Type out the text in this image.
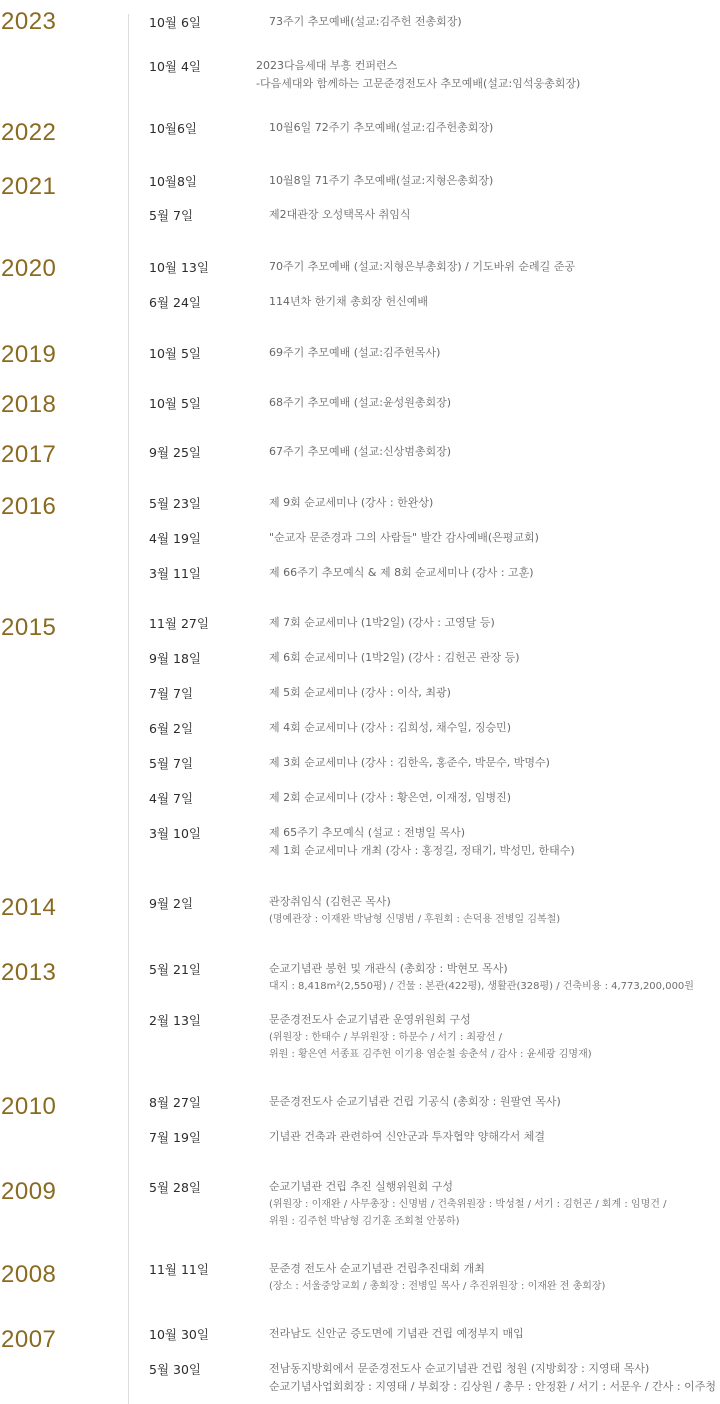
2023	10월 6일	73주기 추모예배(설교:김주헌 전총회장)
10월 4일	2023다음세대 부흥 컨퍼런스
-다음세대와 함께하는 고문준경전도사 추모예배(설교:임석웅총회장)
2022	10월6일	10월6일 72주기 추모예배(설교:김주헌총회장)
2021	10월8일	10월8일 71주기 추모예배(설교:지형은총회장)
5월 7일	제2대관장 오성택목사 취임식
2020	10월 13일	70주기 추모예배 (설교:지형은부총회장) / 기도바위 순례길 준공
6월 24일	114년차 한기채 총회장 헌신예배
2019	10월 5일	69주기 추모예배 (설교:김주헌목사)
2018	10월 5일	68주기 추모예배 (설교:윤성원총회장)
2017	9월 25일	67주기 추모예배 (설교:신상범총회장)
2016	5월 23일	제 9회 순교세미나 (강사 : 한완상)
4월 19일	"순교자 문준경과 그의 사람들" 발간 감사예배(은평교회)
3월 11일	제 66주기 추모예식 & 제 8회 순교세미나 (강사 : 고훈)
2015	11월 27일	제 7회 순교세미나 (1박2일) (강사 : 고영달 등)
9월 18일	제 6회 순교세미나 (1박2일) (강사 : 김헌곤 관장 등)
7월 7일	제 5회 순교세미나 (강사 : 이삭, 최광)
6월 2일	제 4회 순교세미나 (강사 : 김희성, 채수일, 징승민)
5월 7일	제 3회 순교세미나 (강사 : 김한옥, 홍준수, 박문수, 박명수)
4월 7일	제 2회 순교세미나 (강사 : 황은연, 이재정, 임병진)
3월 10일	제 65주기 추모예식 (설교 : 전병일 목사)
제 1회 순교세미나 개최 (강사 : 홍정길, 정태기, 박성민, 한태수)
2014	9월 2일	관장취임식 (김헌곤 목사)
(명예관장 : 이재완 박남형 신명범 / 후원회 : 손덕용 전병일 김복철)
2013	5월 21일	순교기념관 봉헌 및 개관식 (총회장 : 박현모 목사)
대지 : 8,418m²(2,550평) / 건물 : 본관(422평), 생활관(328평) / 건축비용 : 4,773,200,000원
2월 13일	문준경전도사 순교기념관 운영위원회 구성
(위원장 : 한태수 / 부위원장 : 하문수 / 서기 : 최광선 /
위원 : 황은연 서종표 김주헌 이기용 염순철 송춘석 / 감사 : 윤세광 김명재)
2010	8월 27일	문준경전도사 순교기념관 건립 기공식 (총회장 : 원팔연 목사)
7월 19일	기념관 건축과 관련하여 신안군과 투자협약 양해각서 체결
2009	5월 28일	순교기념관 건립 추진 실행위원회 구성
(위원장 : 이재완 / 사무총장 : 신명범 / 건축위원장 : 박성철 / 서기 : 김헌곤 / 회계 : 임명건 /
위원 : 김주헌 박남형 김기훈 조회철 안봉하)
2008	11월 11일	문준경 전도사 순교기념관 건립추진대회 개최
(장소 : 서울중앙교회 / 총회장 : 전병일 목사 / 추진위원장 : 이재완 전 총회장)
2007	10월 30일	전라남도 신안군 증도면에 기념관 건립 예정부지 매입
5월 30일	전남동지방회에서 문준경전도사 순교기념관 건립 청원 (지방회장 : 지영태 목사)
순교기념사업회회장 : 지영태 / 부회장 : 김상원 / 총무 : 안정환 / 서기 : 서문우 / 간사 : 이주청
